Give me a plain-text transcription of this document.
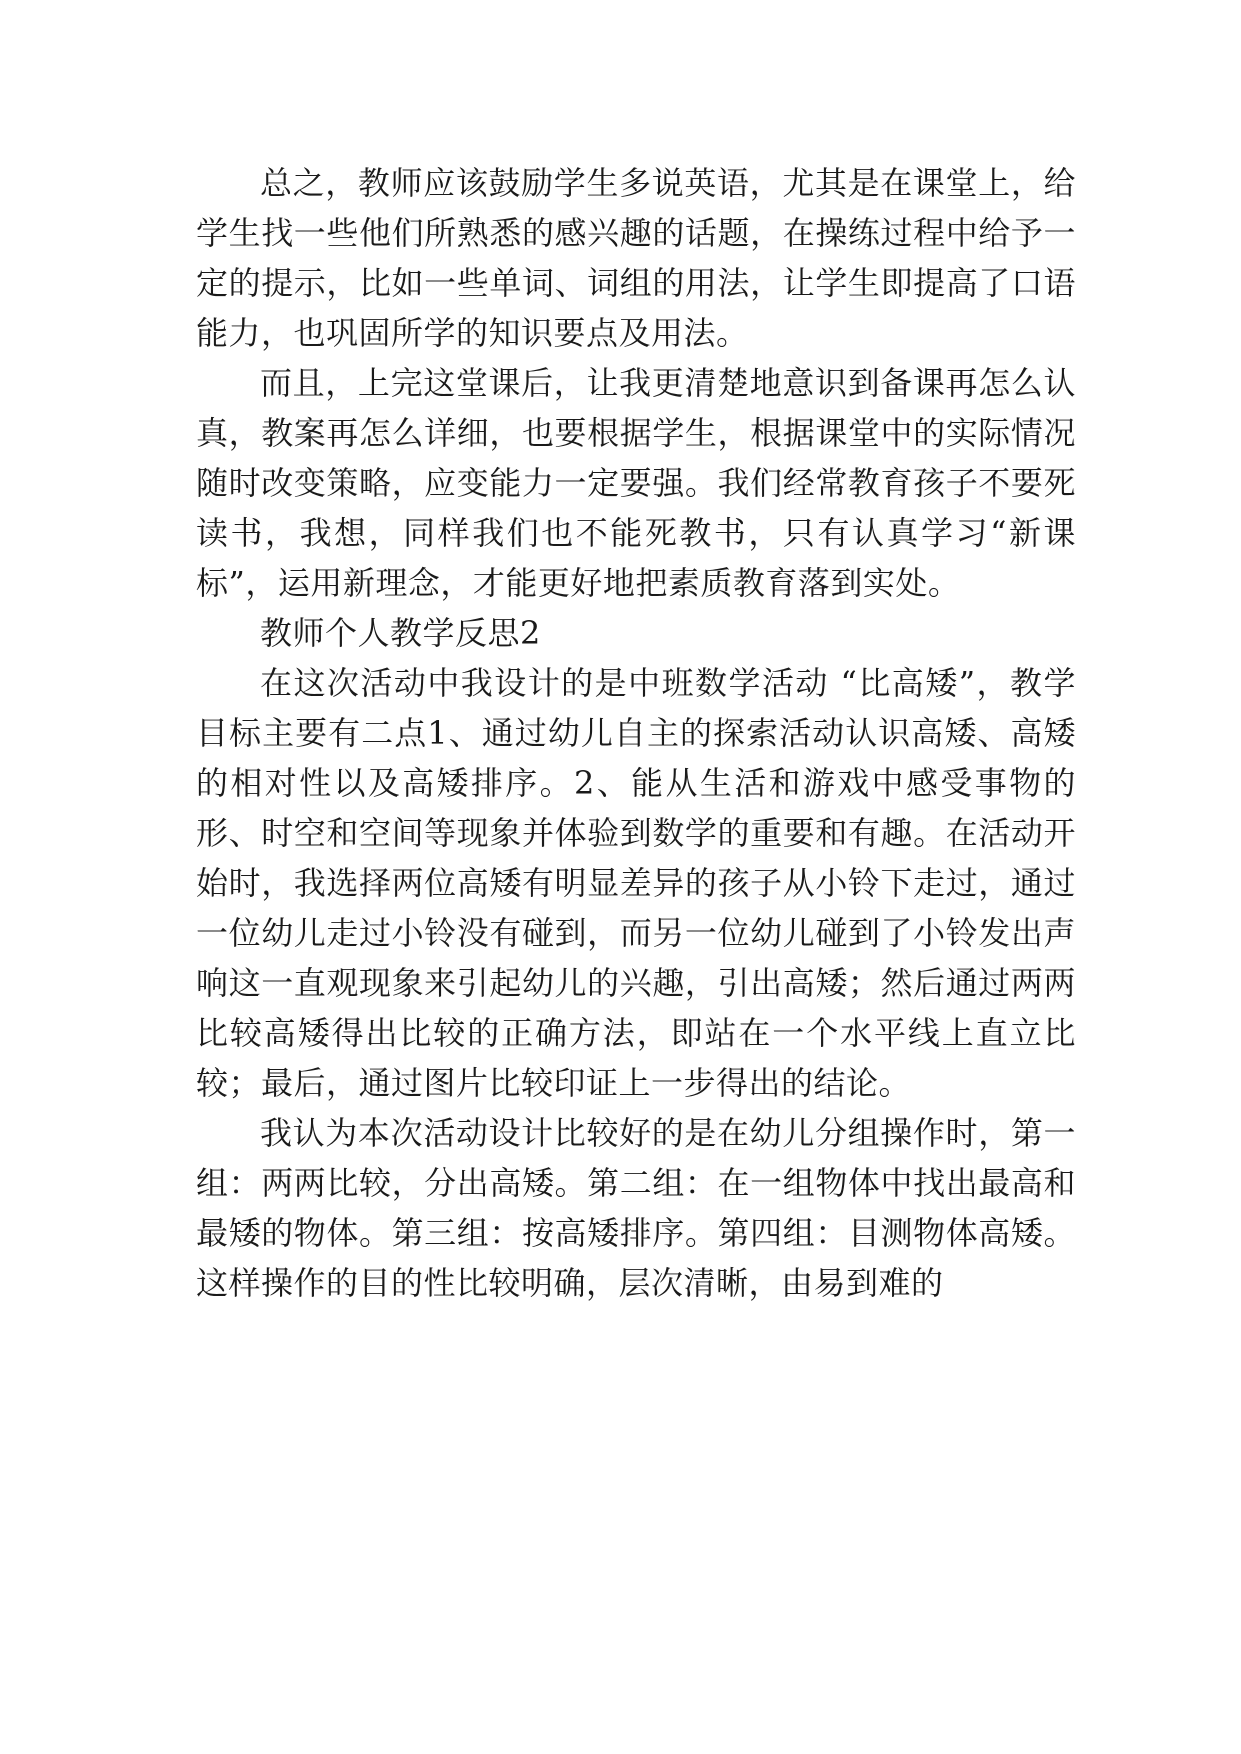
总之，教师应该鼓励学生多说英语，尤其是在课堂上，给学生找一些他们所熟悉的感兴趣的话题，在操练过程中给予一定的提示，比如一些单词、词组的用法，让学生即提高了口语能力，也巩固所学的知识要点及用法。

而且，上完这堂课后，让我更清楚地意识到备课再怎么认真，教案再怎么详细，也要根据学生，根据课堂中的实际情况随时改变策略，应变能力一定要强。我们经常教育孩子不要死读书，我想，同样我们也不能死教书，只有认真学习“新课标”，运用新理念，才能更好地把素质教育落到实处。

教师个人教学反思2

在这次活动中我设计的是中班数学活动 “比高矮”，教学目标主要有二点1、通过幼儿自主的探索活动认识高矮、高矮的相对性以及高矮排序。2、能从生活和游戏中感受事物的形、时空和空间等现象并体验到数学的重要和有趣。在活动开始时，我选择两位高矮有明显差异的孩子从小铃下走过，通过一位幼儿走过小铃没有碰到，而另一位幼儿碰到了小铃发出声响这一直观现象来引起幼儿的兴趣，引出高矮；然后通过两两比较高矮得出比较的正确方法，即站在一个水平线上直立比较；最后，通过图片比较印证上一步得出的结论。

我认为本次活动设计比较好的是在幼儿分组操作时，第一组：两两比较，分出高矮。第二组：在一组物体中找出最高和最矮的物体。第三组：按高矮排序。第四组：目测物体高矮。这样操作的目的性比较明确，层次清晰，由易到难的
